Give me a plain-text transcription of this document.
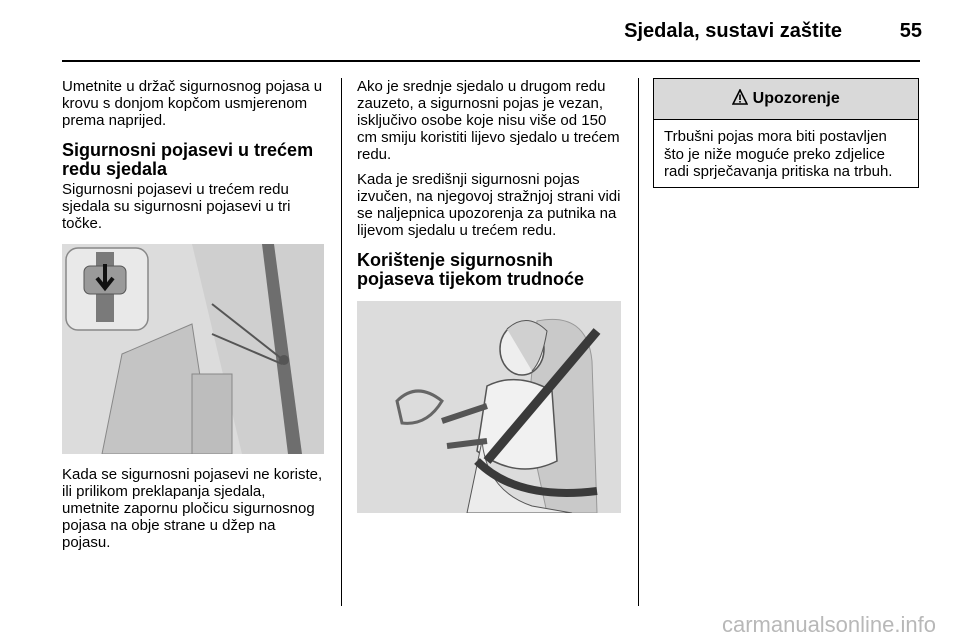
Sjedala, sustavi zaštite	55

Umetnite u držač sigurnosnog pojasa u krovu s donjom kopčom usmjerenom prema naprijed.

Sigurnosni pojasevi u trećem redu sjedala

Sigurnosni pojasevi u trećem redu sjedala su sigurnosni pojasevi u tri točke.

Kada se sigurnosni pojasevi ne koriste, ili prilikom preklapanja sjedala, umetnite zapornu pločicu sigurnosnog pojasa na obje strane u džep na pojasu.

Ako je srednje sjedalo u drugom redu zauzeto, a sigurnosni pojas je vezan, isključivo osobe koje nisu više od 150 cm smiju koristiti lijevo sjedalo u trećem redu.

Kada je središnji sigurnosni pojas izvučen, na njegovoj stražnjoj strani vidi se naljepnica upozorenja za putnika na lijevom sjedalu u trećem redu.

Korištenje sigurnosnih pojaseva tijekom trudnoće
Upozorenje

Trbušni pojas mora biti postavljen što je niže moguće preko zdjelice radi sprječavanja pritiska na trbuh.

carmanualsonline.info
